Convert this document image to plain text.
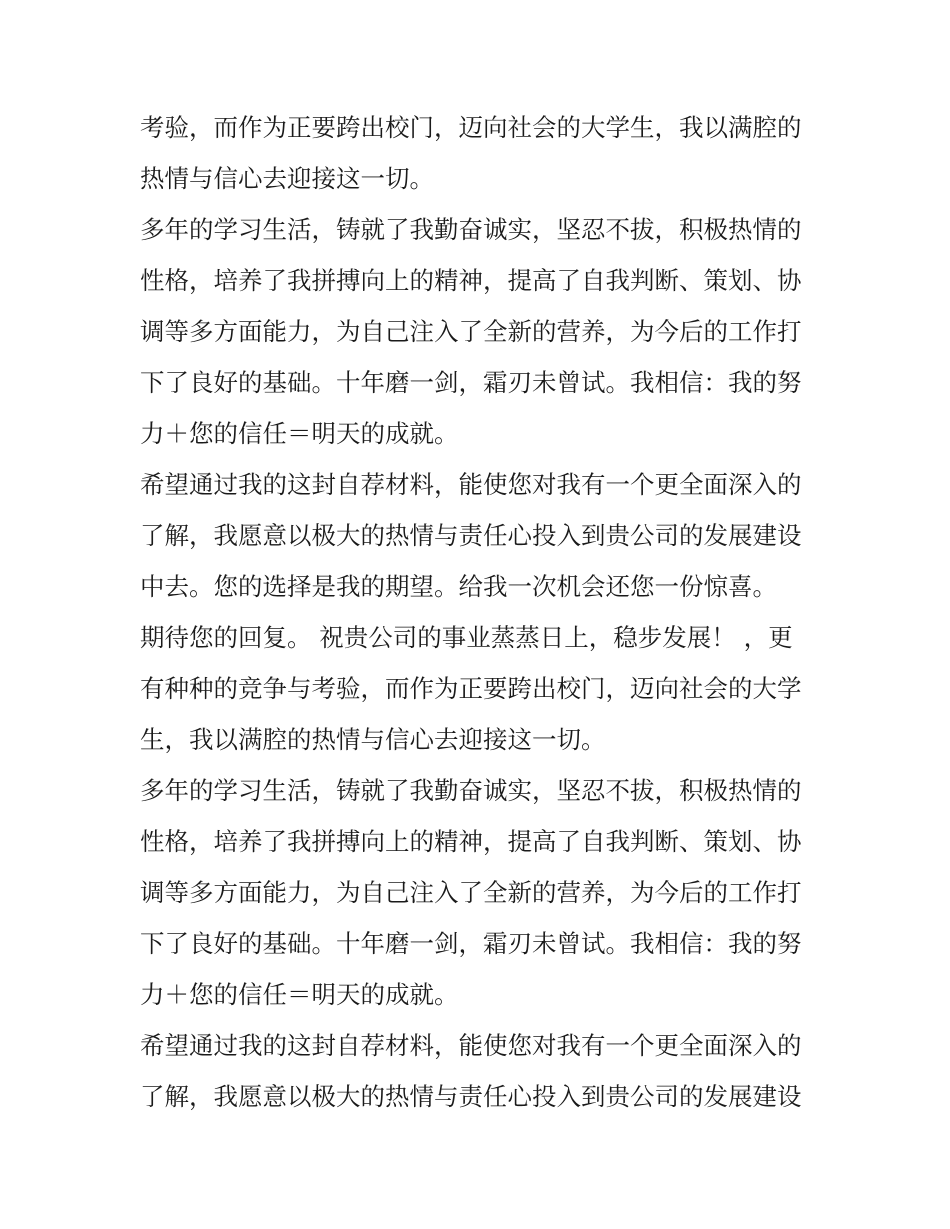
考验，而作为正要跨出校门，迈向社会的大学生，我以满腔的
热情与信心去迎接这一切。
多年的学习生活，铸就了我勤奋诚实，坚忍不拔，积极热情的
性格，培养了我拼搏向上的精神，提高了自我判断、策划、协
调等多方面能力，为自己注入了全新的营养，为今后的工作打
下了良好的基础。十年磨一剑，霜刃未曾试。我相信：我的努
力＋您的信任＝明天的成就。
希望通过我的这封自荐材料，能使您对我有一个更全面深入的
了解，我愿意以极大的热情与责任心投入到贵公司的发展建设
中去。您的选择是我的期望。给我一次机会还您一份惊喜。
期待您的回复。 祝贵公司的事业蒸蒸日上，稳步发展！ ，更
有种种的竞争与考验，而作为正要跨出校门，迈向社会的大学
生，我以满腔的热情与信心去迎接这一切。
多年的学习生活，铸就了我勤奋诚实，坚忍不拔，积极热情的
性格，培养了我拼搏向上的精神，提高了自我判断、策划、协
调等多方面能力，为自己注入了全新的营养，为今后的工作打
下了良好的基础。十年磨一剑，霜刃未曾试。我相信：我的努
力＋您的信任＝明天的成就。
希望通过我的这封自荐材料，能使您对我有一个更全面深入的
了解，我愿意以极大的热情与责任心投入到贵公司的发展建设
